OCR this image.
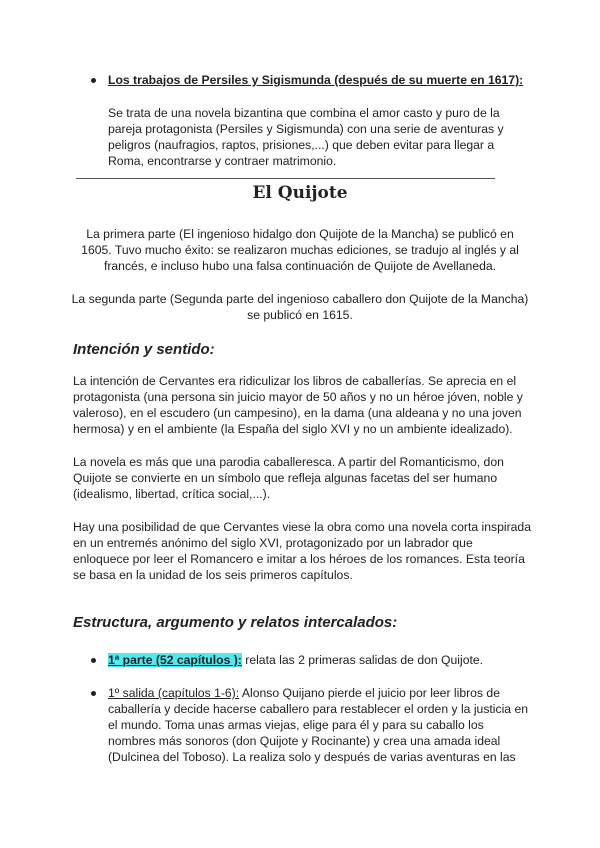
Los trabajos de Persiles y Sigismunda (después de su muerte en 1617):
Se trata de una novela bizantina que combina el amor casto y puro de la
pareja protagonista (Persiles y Sigismunda) con una serie de aventuras y
peligros (naufragios, raptos, prisiones,...) que deben evitar para llegar a
Roma, encontrarse y contraer matrimonio.
El Quijote
La primera parte (El ingenioso hidalgo don Quijote de la Mancha) se publicó en
1605. Tuvo mucho éxito: se realizaron muchas ediciones, se tradujo al inglés y al
francés, e incluso hubo una falsa continuación de Quijote de Avellaneda.
La segunda parte (Segunda parte del ingenioso caballero don Quijote de la Mancha)
se publicó en 1615.
Intención y sentido:
La intención de Cervantes era ridiculizar los libros de caballerías. Se aprecia en el
protagonista (una persona sin juicio mayor de 50 años y no un héroe jóven, noble y
valeroso), en el escudero (un campesino), en la dama (una aldeana y no una joven
hermosa) y en el ambiente (la España del siglo XVI y no un ambiente idealizado).
La novela es más que una parodia caballeresca. A partir del Romanticismo, don
Quijote se convierte en un símbolo que refleja algunas facetas del ser humano
(idealismo, libertad, crítica social,...).
Hay una posibilidad de que Cervantes viese la obra como una novela corta inspirada
en un entremés anónimo del siglo XVI, protagonizado por un labrador que
enloquece por leer el Romancero e imitar a los héroes de los romances. Esta teoría
se basa en la unidad de los seis primeros capítulos.
Estructura, argumento y relatos intercalados:
1ª parte (52 capítulos ): relata las 2 primeras salidas de don Quijote.
1º salida (capítulos 1-6): Alonso Quijano pierde el juicio por leer libros de
caballería y decide hacerse caballero para restablecer el orden y la justicia en
el mundo. Toma unas armas viejas, elige para él y para su caballo los
nombres más sonoros (don Quijote y Rocinante) y crea una amada ideal
(Dulcinea del Toboso). La realiza solo y después de varias aventuras en las
